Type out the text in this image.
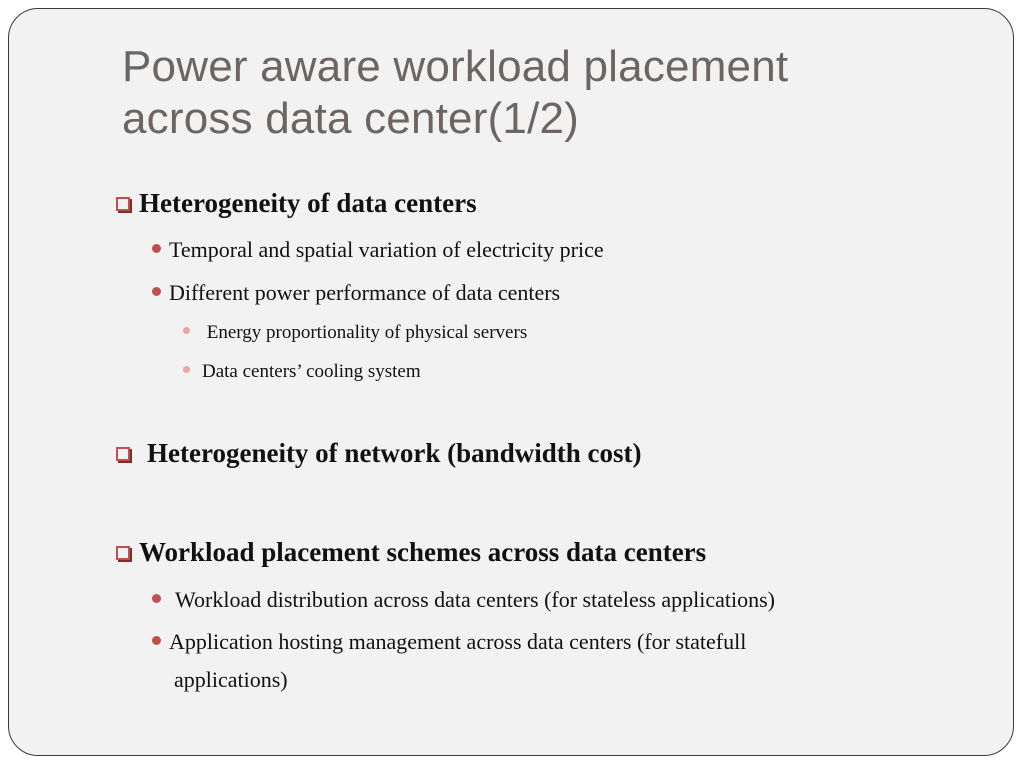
Power aware workload placement
across data center(1/2)
Heterogeneity of data centers
Temporal and spatial variation of electricity price
Different power performance of data centers
Energy proportionality of physical servers
Data centers’ cooling system
Heterogeneity of network (bandwidth cost)
Workload placement schemes across data centers
Workload distribution across data centers (for stateless applications)
Application hosting management across data centers (for statefull
applications)
